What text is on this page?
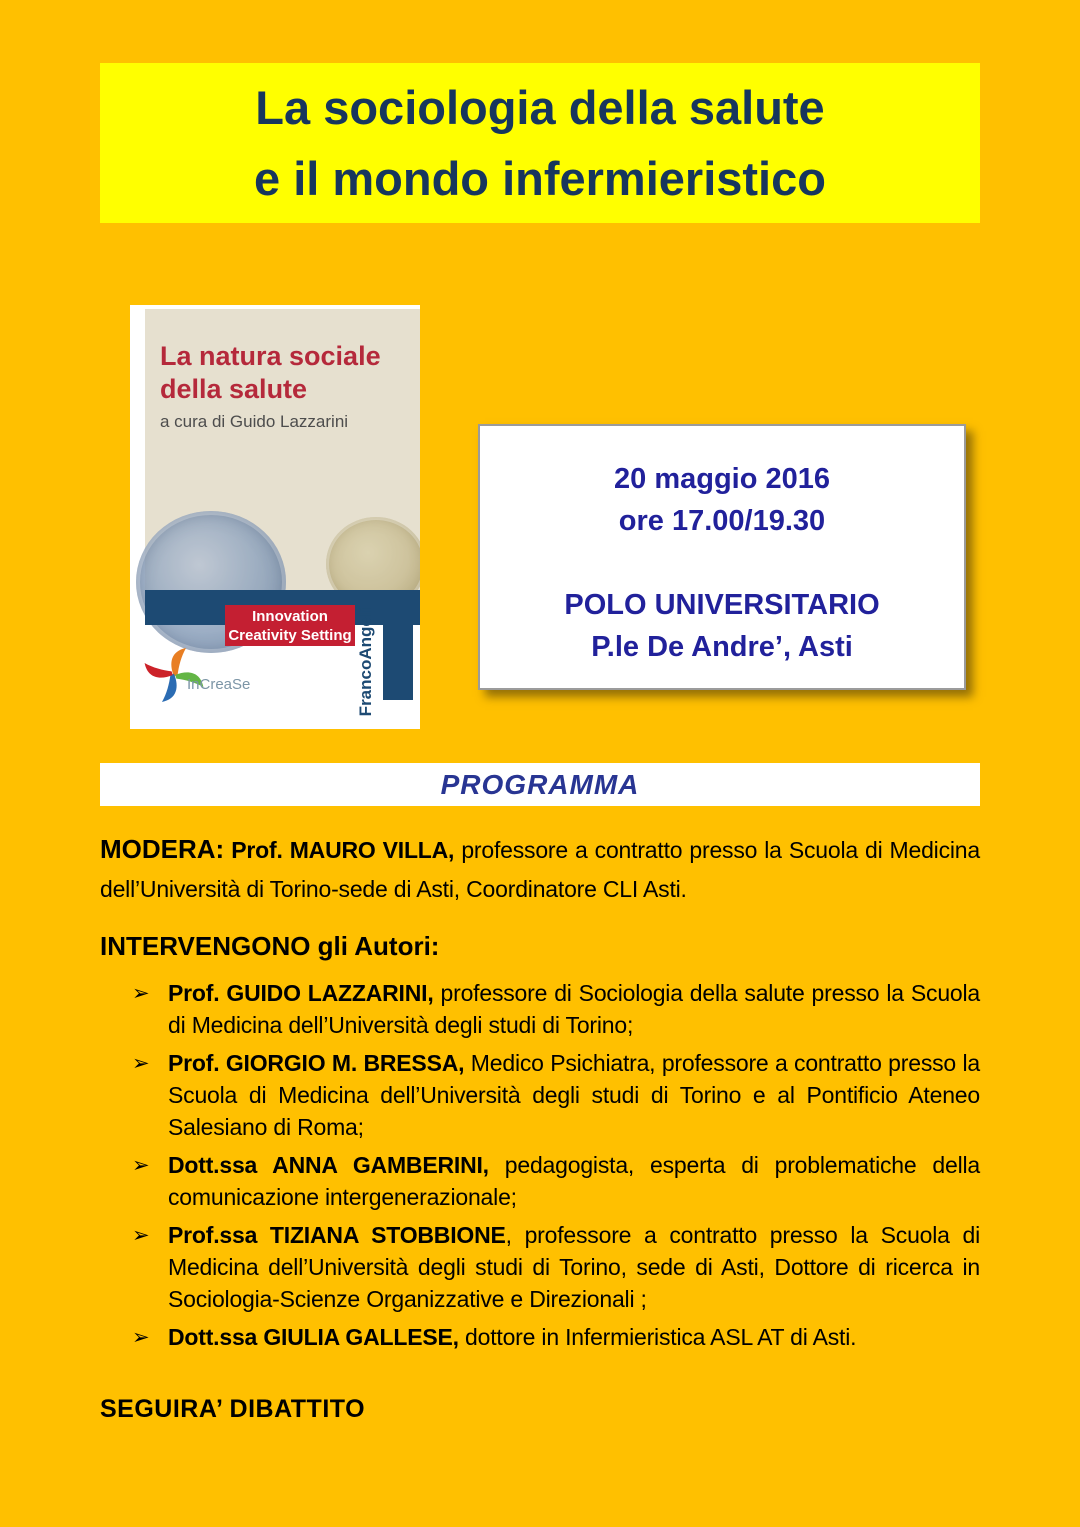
La sociologia della salute
e il mondo infermieristico
La natura sociale
della salute
a cura di Guido Lazzarini
Innovation
Creativity Setting FrancoAngeli
InCreaSe
20 maggio 2016
ore 17.00/19.30
POLO UNIVERSITARIO
P.le De Andre’, Asti
PROGRAMMA

MODERA: Prof. MAURO VILLA, professore a contratto presso la Scuola di Medicina dell’Università di Torino-sede di Asti, Coordinatore CLI Asti.

INTERVENGONO gli Autori:
➢ Prof. GUIDO LAZZARINI, professore di Sociologia della salute presso la Scuola di Medicina dell’Università degli studi di Torino;
➢ Prof. GIORGIO M. BRESSA, Medico Psichiatra, professore a contratto presso la Scuola di Medicina dell’Università degli studi di Torino e al Pontificio Ateneo Salesiano di Roma;
➢ Dott.ssa ANNA GAMBERINI, pedagogista, esperta di problematiche della comunicazione intergenerazionale;
➢ Prof.ssa TIZIANA STOBBIONE, professore a contratto presso la Scuola di Medicina dell’Università degli studi di Torino, sede di Asti, Dottore di ricerca in Sociologia-Scienze Organizzative e Direzionali ;
➢ Dott.ssa GIULIA GALLESE, dottore in Infermieristica ASL AT di Asti.
SEGUIRA’ DIBATTITO
